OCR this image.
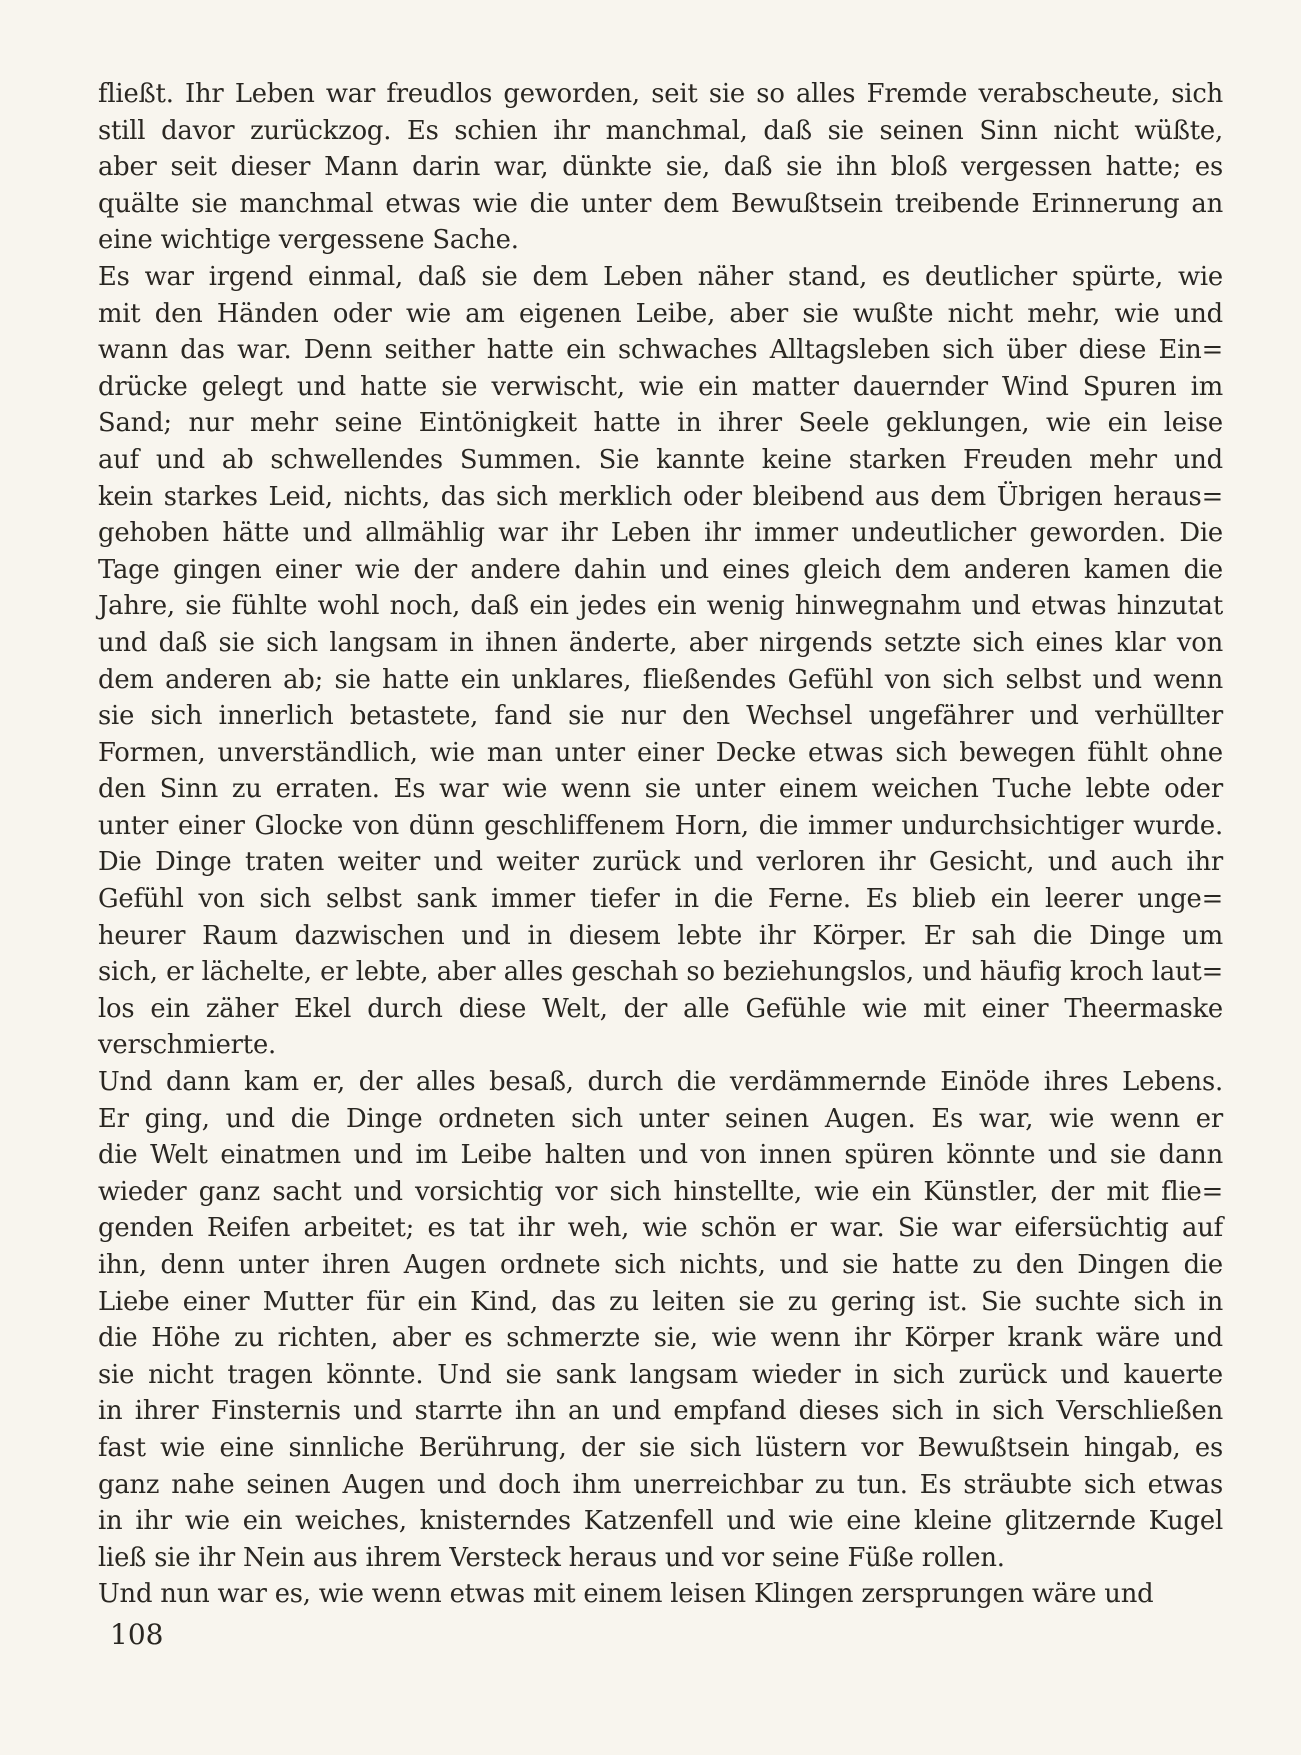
fließt. Ihr Leben war freudlos geworden, seit sie so alles Fremde verabscheute, sich
still davor zurückzog. Es schien ihr manchmal, daß sie seinen Sinn nicht wüßte,
aber seit dieser Mann darin war, dünkte sie, daß sie ihn bloß vergessen hatte; es
quälte sie manchmal etwas wie die unter dem Bewußtsein treibende Erinnerung an
eine wichtige vergessene Sache.
Es war irgend einmal, daß sie dem Leben näher stand, es deutlicher spürte, wie
mit den Händen oder wie am eigenen Leibe, aber sie wußte nicht mehr, wie und
wann das war. Denn seither hatte ein schwaches Alltagsleben sich über diese Ein=
drücke gelegt und hatte sie verwischt, wie ein matter dauernder Wind Spuren im
Sand; nur mehr seine Eintönigkeit hatte in ihrer Seele geklungen, wie ein leise
auf und ab schwellendes Summen. Sie kannte keine starken Freuden mehr und
kein starkes Leid, nichts, das sich merklich oder bleibend aus dem Übrigen heraus=
gehoben hätte und allmählig war ihr Leben ihr immer undeutlicher geworden. Die
Tage gingen einer wie der andere dahin und eines gleich dem anderen kamen die
Jahre, sie fühlte wohl noch, daß ein jedes ein wenig hinwegnahm und etwas hinzutat
und daß sie sich langsam in ihnen änderte, aber nirgends setzte sich eines klar von
dem anderen ab; sie hatte ein unklares, fließendes Gefühl von sich selbst und wenn
sie sich innerlich betastete, fand sie nur den Wechsel ungefährer und verhüllter
Formen, unverständlich, wie man unter einer Decke etwas sich bewegen fühlt ohne
den Sinn zu erraten. Es war wie wenn sie unter einem weichen Tuche lebte oder
unter einer Glocke von dünn geschliffenem Horn, die immer undurchsichtiger wurde.
Die Dinge traten weiter und weiter zurück und verloren ihr Gesicht, und auch ihr
Gefühl von sich selbst sank immer tiefer in die Ferne. Es blieb ein leerer unge=
heurer Raum dazwischen und in diesem lebte ihr Körper. Er sah die Dinge um
sich, er lächelte, er lebte, aber alles geschah so beziehungslos, und häufig kroch laut=
los ein zäher Ekel durch diese Welt, der alle Gefühle wie mit einer Theermaske
verschmierte.
Und dann kam er, der alles besaß, durch die verdämmernde Einöde ihres Lebens.
Er ging, und die Dinge ordneten sich unter seinen Augen. Es war, wie wenn er
die Welt einatmen und im Leibe halten und von innen spüren könnte und sie dann
wieder ganz sacht und vorsichtig vor sich hinstellte, wie ein Künstler, der mit flie=
genden Reifen arbeitet; es tat ihr weh, wie schön er war. Sie war eifersüchtig auf
ihn, denn unter ihren Augen ordnete sich nichts, und sie hatte zu den Dingen die
Liebe einer Mutter für ein Kind, das zu leiten sie zu gering ist. Sie suchte sich in
die Höhe zu richten, aber es schmerzte sie, wie wenn ihr Körper krank wäre und
sie nicht tragen könnte. Und sie sank langsam wieder in sich zurück und kauerte
in ihrer Finsternis und starrte ihn an und empfand dieses sich in sich Verschließen
fast wie eine sinnliche Berührung, der sie sich lüstern vor Bewußtsein hingab, es
ganz nahe seinen Augen und doch ihm unerreichbar zu tun. Es sträubte sich etwas
in ihr wie ein weiches, knisterndes Katzenfell und wie eine kleine glitzernde Kugel
ließ sie ihr Nein aus ihrem Versteck heraus und vor seine Füße rollen.
Und nun war es, wie wenn etwas mit einem leisen Klingen zersprungen wäre und
108
